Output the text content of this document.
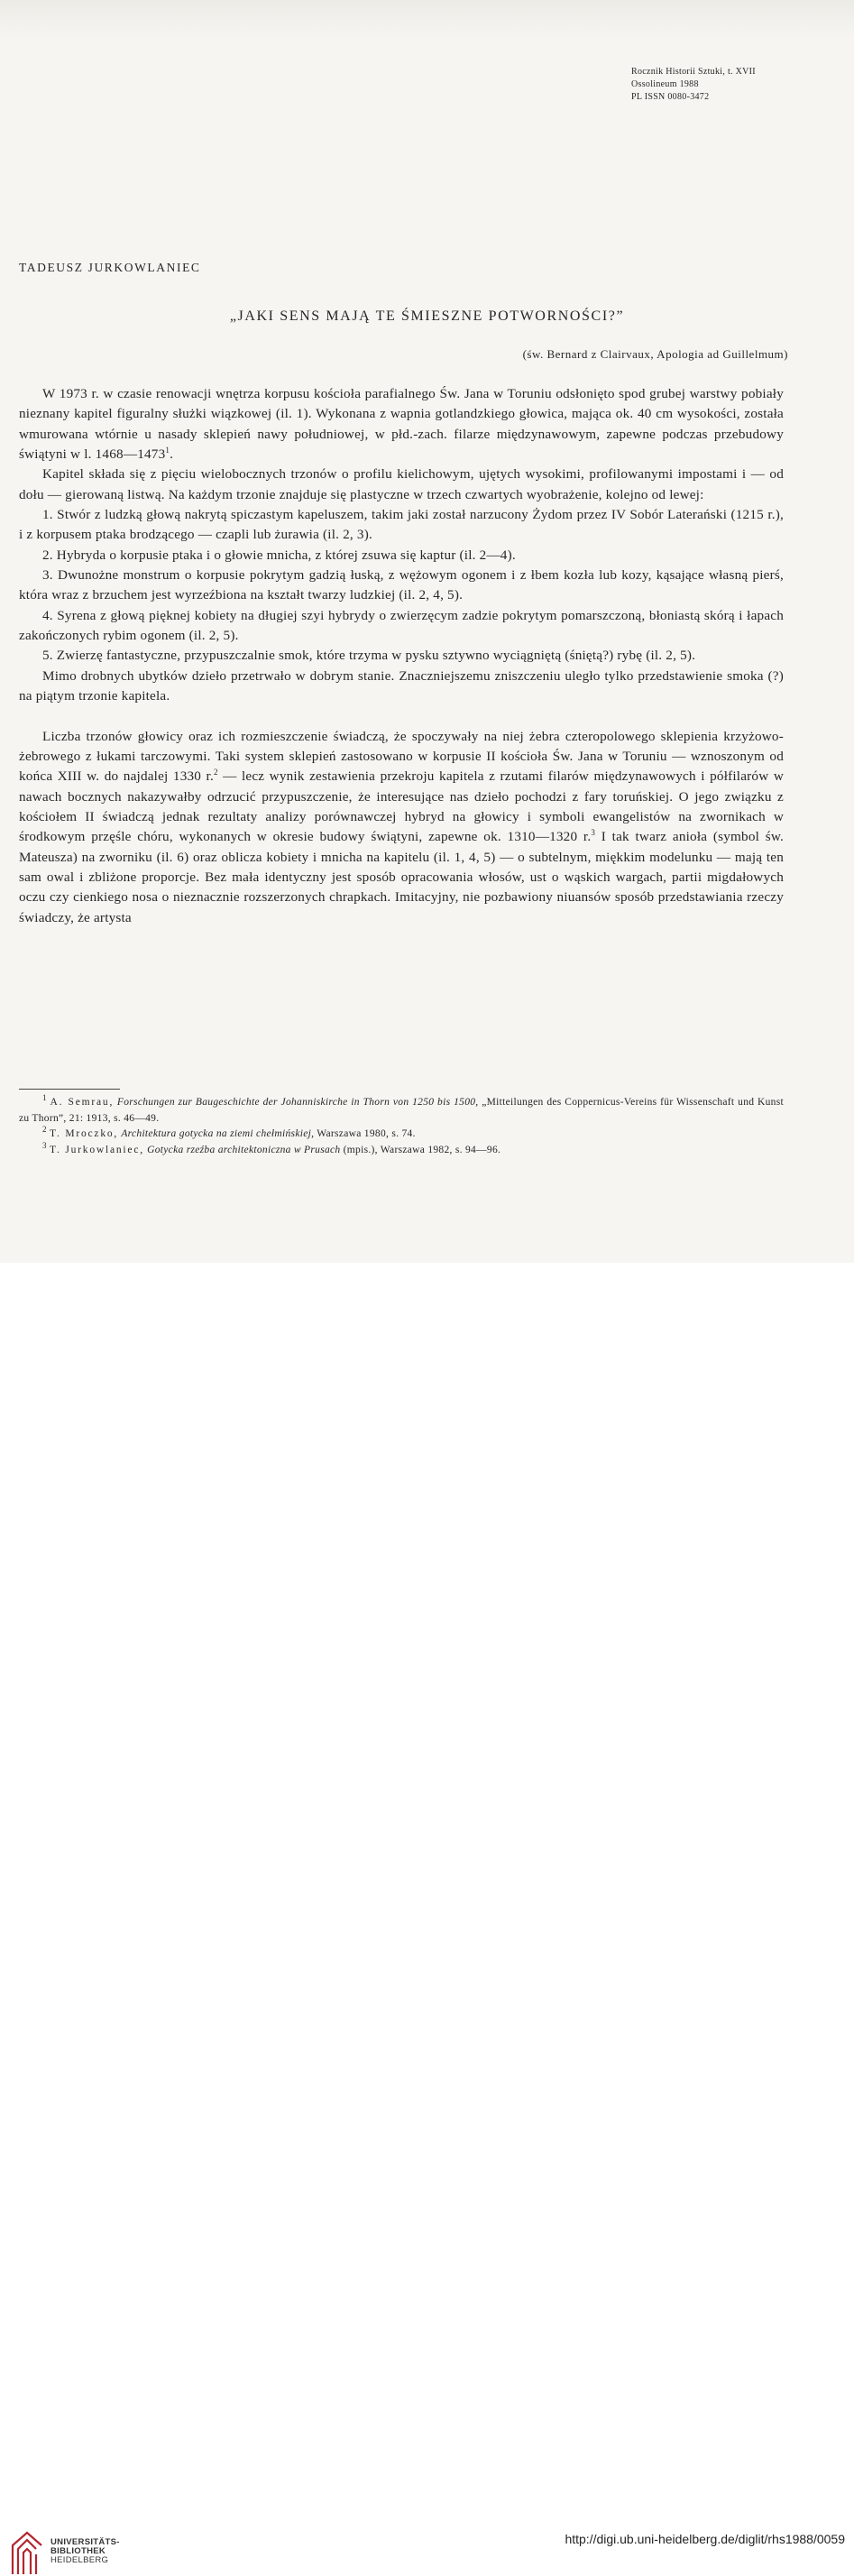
Rocznik Historii Sztuki, t. XVII
Ossolineum 1988
PL ISSN 0080-3472
TADEUSZ JURKOWLANIEC
„JAKI SENS MAJĄ TE ŚMIESZNE POTWORNOŚCI?”
(św. Bernard z Clairvaux, Apologia ad Guillelmum)

W 1973 r. w czasie renowacji wnętrza korpusu kościoła parafialnego Św. Jana w Toruniu odsłonięto spod grubej warstwy pobiały nieznany kapitel figuralny służki wiązkowej (il. 1). Wykonana z wapnia gotlandzkiego głowica, mająca ok. 40 cm wysokości, została wmurowana wtórnie u nasady sklepień nawy południowej, w płd.-zach. filarze międzynawowym, zapewne podczas przebudowy świątyni w l. 1468—1473$^1$.

Kapitel składa się z pięciu wielobocznych trzonów o profilu kielichowym, ujętych wysokimi, profilowanymi impostami i — od dołu — gierowaną listwą. Na każdym trzonie znajduje się plastyczne w trzech czwartych wyobrażenie, kolejno od lewej:

1. Stwór z ludzką głową nakrytą spiczastym kapeluszem, takim jaki został narzucony Żydom przez IV Sobór Laterański (1215 r.), i z korpusem ptaka brodzącego — czapli lub żurawia (il. 2, 3).

2. Hybryda o korpusie ptaka i o głowie mnicha, z której zsuwa się kaptur (il. 2—4).

3. Dwunożne monstrum o korpusie pokrytym gadzią łuską, z wężowym ogonem i z łbem kozła lub kozy, kąsające własną pierś, która wraz z brzuchem jest wyrzeźbiona na kształt twarzy ludzkiej (il. 2, 4, 5).

4. Syrena z głową pięknej kobiety na długiej szyi hybrydy o zwierzęcym zadzie pokrytym pomarszczoną, błoniastą skórą i łapach zakończonych rybim ogonem (il. 2, 5).

5. Zwierzę fantastyczne, przypuszczalnie smok, które trzyma w pysku sztywno wyciągniętą (śniętą?) rybę (il. 2, 5).

Mimo drobnych ubytków dzieło przetrwało w dobrym stanie. Znaczniejszemu zniszczeniu uległo tylko przedstawienie smoka (?) na piątym trzonie kapitela.

Liczba trzonów głowicy oraz ich rozmieszczenie świadczą, że spoczywały na niej żebra czteropolowego sklepienia krzyżowo-żebrowego z łukami tarczowymi. Taki system sklepień zastosowano w korpusie II kościoła Św. Jana w Toruniu — wznoszonym od końca XIII w. do najdalej 1330 r.$^2$ — lecz wynik zestawienia przekroju kapitela z rzutami filarów międzynawowych i półfilarów w nawach bocznych nakazywałby odrzucić przypuszczenie, że interesujące nas dzieło pochodzi z fary toruńskiej. O jego związku z kościołem II świadczą jednak rezultaty analizy porównawczej hybryd na głowicy i symboli ewangelistów na zwornikach w środkowym przęśle chóru, wykonanych w okresie budowy świątyni, zapewne ok. 1310—1320 r.$^3$ I tak twarz anioła (symbol św. Mateusza) na zworniku (il. 6) oraz oblicza kobiety i mnicha na kapitelu (il. 1, 4, 5) — o subtelnym, miękkim modelunku — mają ten sam owal i zbliżone proporcje. Bez mała identyczny jest sposób opracowania włosów, ust o wąskich wargach, partii migdałowych oczu czy cienkiego nosa o nieznacznie rozszerzonych chrapkach. Imitacyjny, nie pozbawiony niuansów sposób przedstawiania rzeczy świadczy, że artysta

$^1$ A. Semrau, Forschungen zur Baugeschichte der Johanniskirche in Thorn von 1250 bis 1500, „Mitteilungen des Coppernicus-Vereins für Wissenschaft und Kunst zu Thorn”, 21: 1913, s. 46—49.

$^2$ T. Mroczko, Architektura gotycka na ziemi chełmińskiej, Warszawa 1980, s. 74.

$^3$ T. Jurkowlaniec, Gotycka rzeźba architektoniczna w Prusach (mpis.), Warszawa 1982, s. 94—96.

UNIVERSITÄTS-
BIBLIOTHEK
HEIDELBERG
http://digi.ub.uni-heidelberg.de/diglit/rhs1988/0059
